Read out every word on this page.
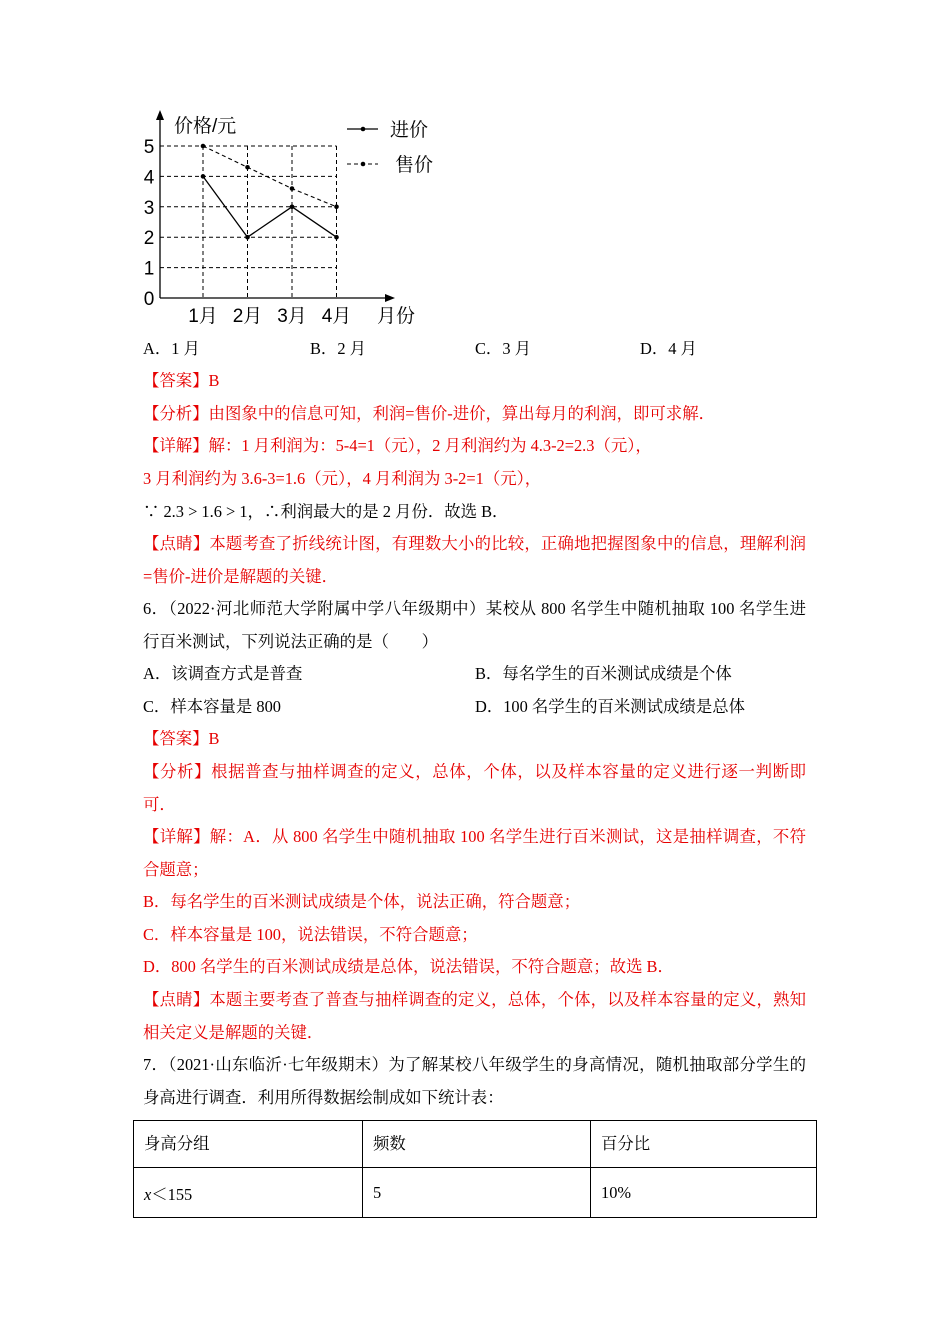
0
1
2
3
4
5
1月 2月 3月 4月
价格/元
月份
进价
售价
A．1 月	B．2 月	C．3 月	D．4 月
【答案】B
【分析】由图象中的信息可知，利润=售价-进价，算出每月的利润，即可求解．
【详解】解：1 月利润为：5-4=1（元），2 月利润约为 4.3-2=2.3（元），
3 月利润约为 3.6-3=1.6（元），4 月利润为 3-2=1（元），
∵ 2.3 > 1.6 > 1，∴利润最大的是 2 月份．故选 B．
【点睛】本题考查了折线统计图，有理数大小的比较，正确地把握图象中的信息，理解利润
=售价-进价是解题的关键．
6．（2022·河北师范大学附属中学八年级期中）某校从 800 名学生中随机抽取 100 名学生进
行百米测试，下列说法正确的是（　　）
A．该调查方式是普查	B．每名学生的百米测试成绩是个体
C．样本容量是 800	D．100 名学生的百米测试成绩是总体
【答案】B
【分析】根据普查与抽样调查的定义，总体，个体，以及样本容量的定义进行逐一判断即
可．
【详解】解：A．从 800 名学生中随机抽取 100 名学生进行百米测试，这是抽样调查，不符
合题意；
B．每名学生的百米测试成绩是个体，说法正确，符合题意；
C．样本容量是 100，说法错误，不符合题意；
D．800 名学生的百米测试成绩是总体，说法错误，不符合题意；故选 B．
【点睛】本题主要考查了普查与抽样调查的定义，总体，个体，以及样本容量的定义，熟知
相关定义是解题的关键．
7．（2021·山东临沂·七年级期末）为了解某校八年级学生的身高情况，随机抽取部分学生的
身高进行调查．利用所得数据绘制成如下统计表：
身高分组	频数	百分比
x＜155	5	10%
